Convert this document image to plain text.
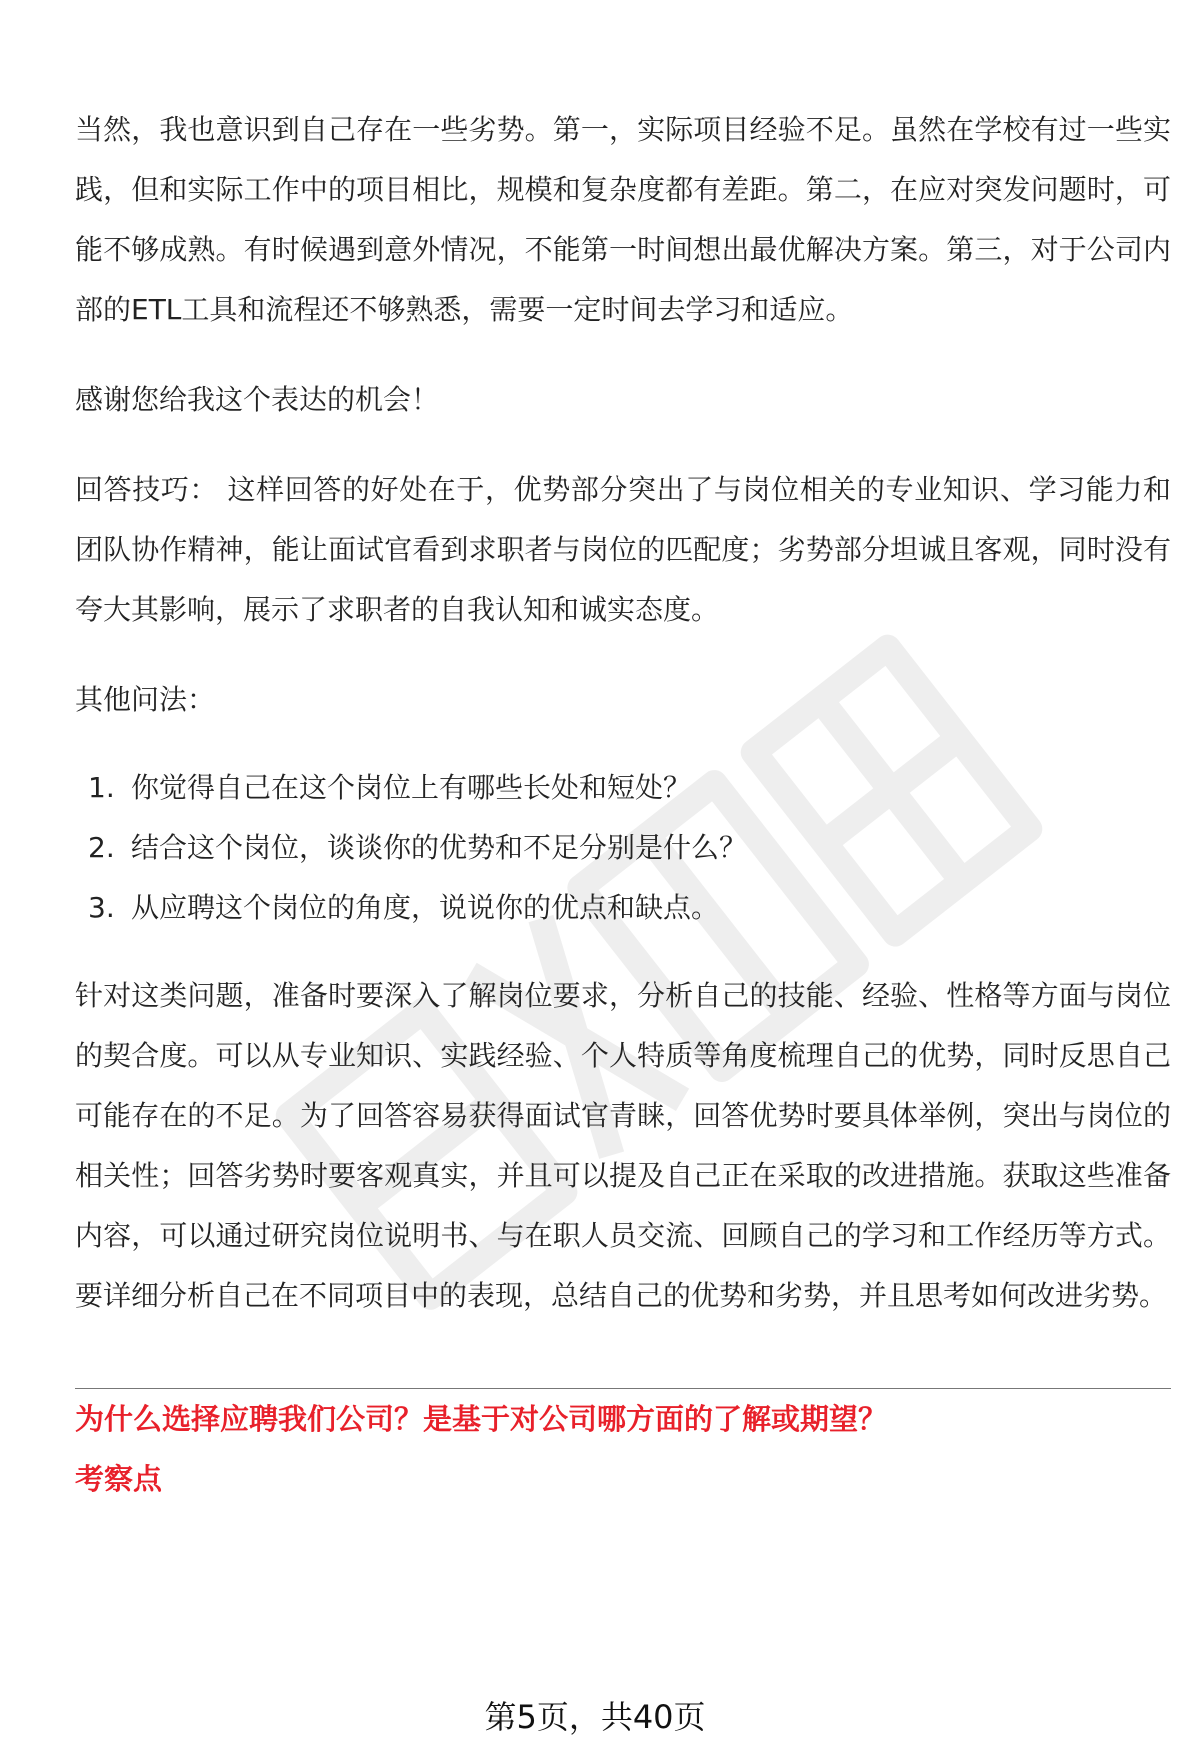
当然，我也意识到自己存在一些劣势。第一，实际项目经验不足。虽然在学校有过一些实践，但和实际工作中的项目相比，规模和复杂度都有差距。第二，在应对突发问题时，可能不够成熟。有时候遇到意外情况，不能第一时间想出最优解决方案。第三，对于公司内部的ETL工具和流程还不够熟悉，需要一定时间去学习和适应。

感谢您给我这个表达的机会！

回答技巧： 这样回答的好处在于，优势部分突出了与岗位相关的专业知识、学习能力和团队协作精神，能让面试官看到求职者与岗位的匹配度；劣势部分坦诚且客观，同时没有夸大其影响，展示了求职者的自我认知和诚实态度。

其他问法：

1. 你觉得自己在这个岗位上有哪些长处和短处？
2. 结合这个岗位，谈谈你的优势和不足分别是什么？
3. 从应聘这个岗位的角度，说说你的优点和缺点。

针对这类问题，准备时要深入了解岗位要求，分析自己的技能、经验、性格等方面与岗位的契合度。可以从专业知识、实践经验、个人特质等角度梳理自己的优势，同时反思自己可能存在的不足。为了回答容易获得面试官青睐，回答优势时要具体举例，突出与岗位的相关性；回答劣势时要客观真实，并且可以提及自己正在采取的改进措施。获取这些准备内容，可以通过研究岗位说明书、与在职人员交流、回顾自己的学习和工作经历等方式。要详细分析自己在不同项目中的表现，总结自己的优势和劣势，并且思考如何改进劣势。

为什么选择应聘我们公司？是基于对公司哪方面的了解或期望？

考察点

第5页，共40页
